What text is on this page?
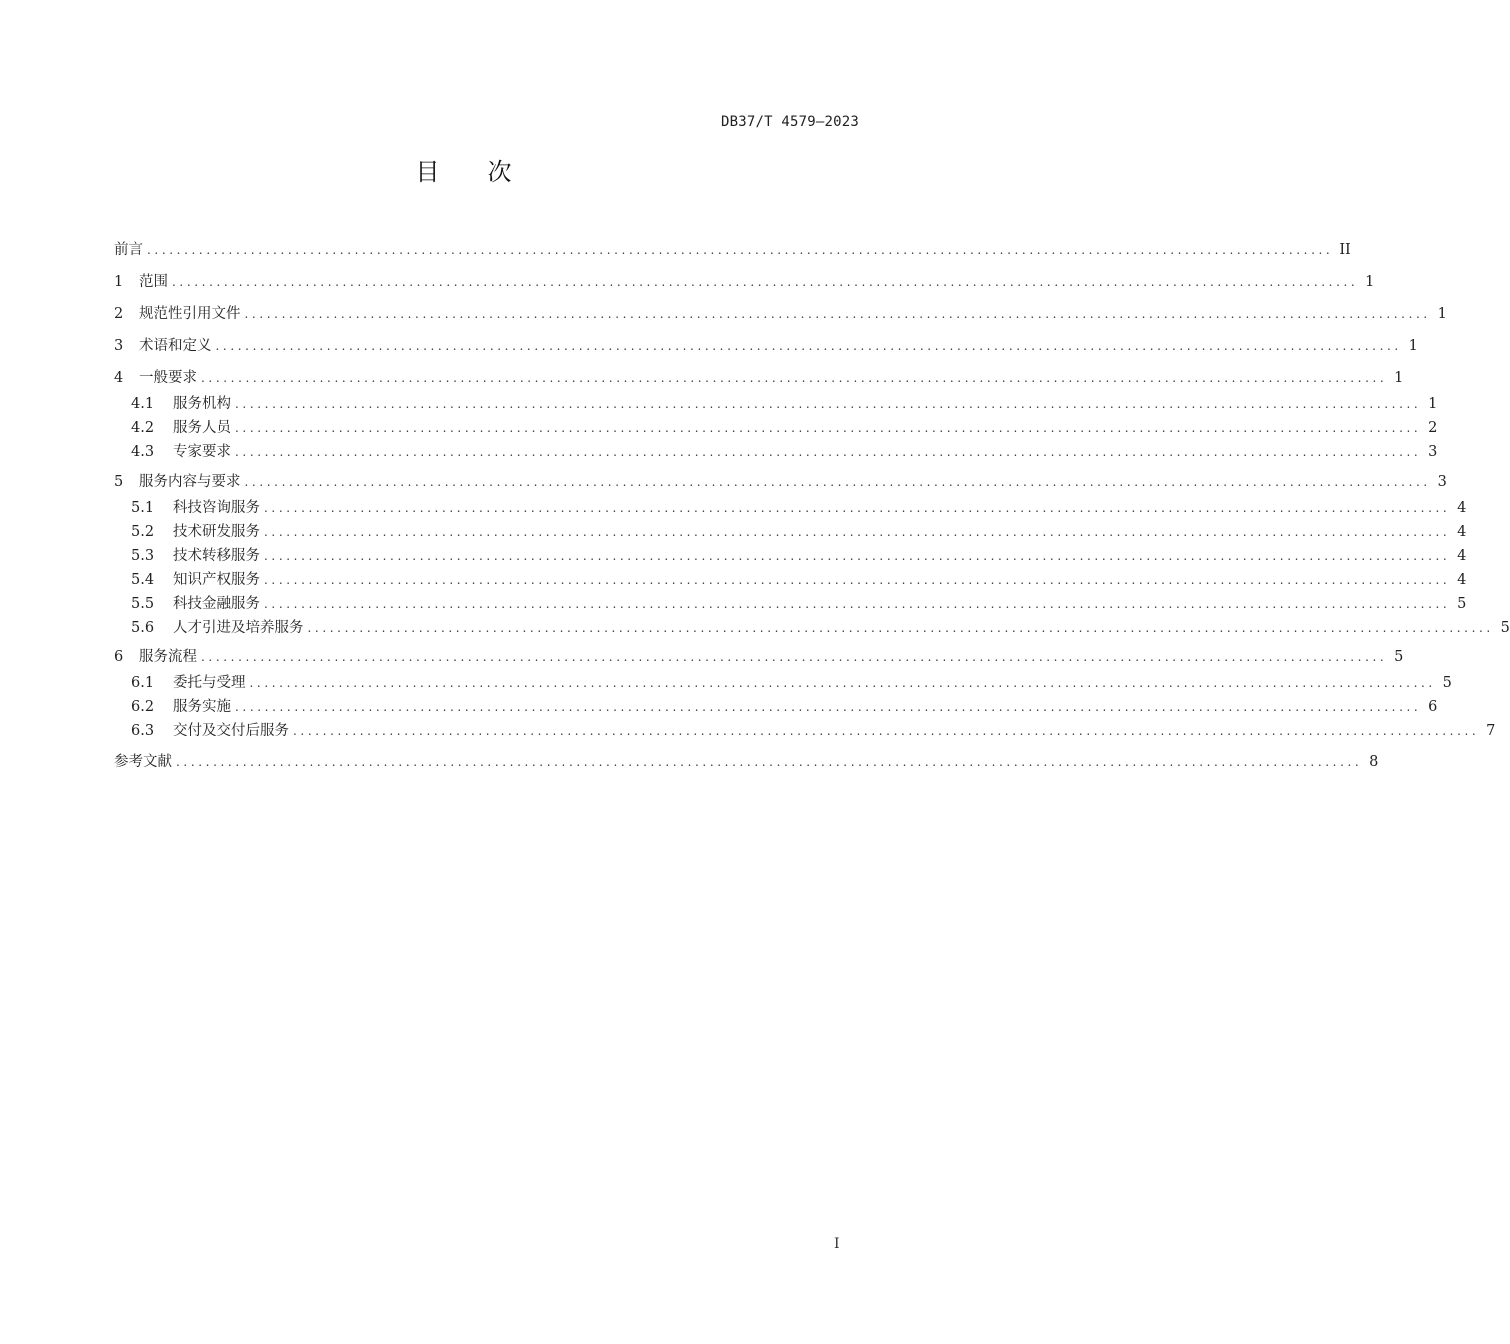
DB37/T 4579—2023
目次
前言 ................................................................................................................................................................ II
1	范围 ................................................................................................................................................................ 1
2	规范性引用文件 ................................................................................................................................................................ 1
3	术语和定义 ................................................................................................................................................................ 1
4	一般要求 ................................................................................................................................................................ 1
4.1	服务机构 ................................................................................................................................................................ 1
4.2	服务人员 ................................................................................................................................................................ 2
4.3	专家要求 ................................................................................................................................................................ 3
5	服务内容与要求 ................................................................................................................................................................ 3
5.1	科技咨询服务 ................................................................................................................................................................ 4
5.2	技术研发服务 ................................................................................................................................................................ 4
5.3	技术转移服务 ................................................................................................................................................................ 4
5.4	知识产权服务 ................................................................................................................................................................ 4
5.5	科技金融服务 ................................................................................................................................................................ 5
5.6	人才引进及培养服务 ................................................................................................................................................................ 5
6	服务流程 ................................................................................................................................................................ 5
6.1	委托与受理 ................................................................................................................................................................ 5
6.2	服务实施 ................................................................................................................................................................ 6
6.3	交付及交付后服务 ................................................................................................................................................................ 7
参考文献 ................................................................................................................................................................ 8
I
